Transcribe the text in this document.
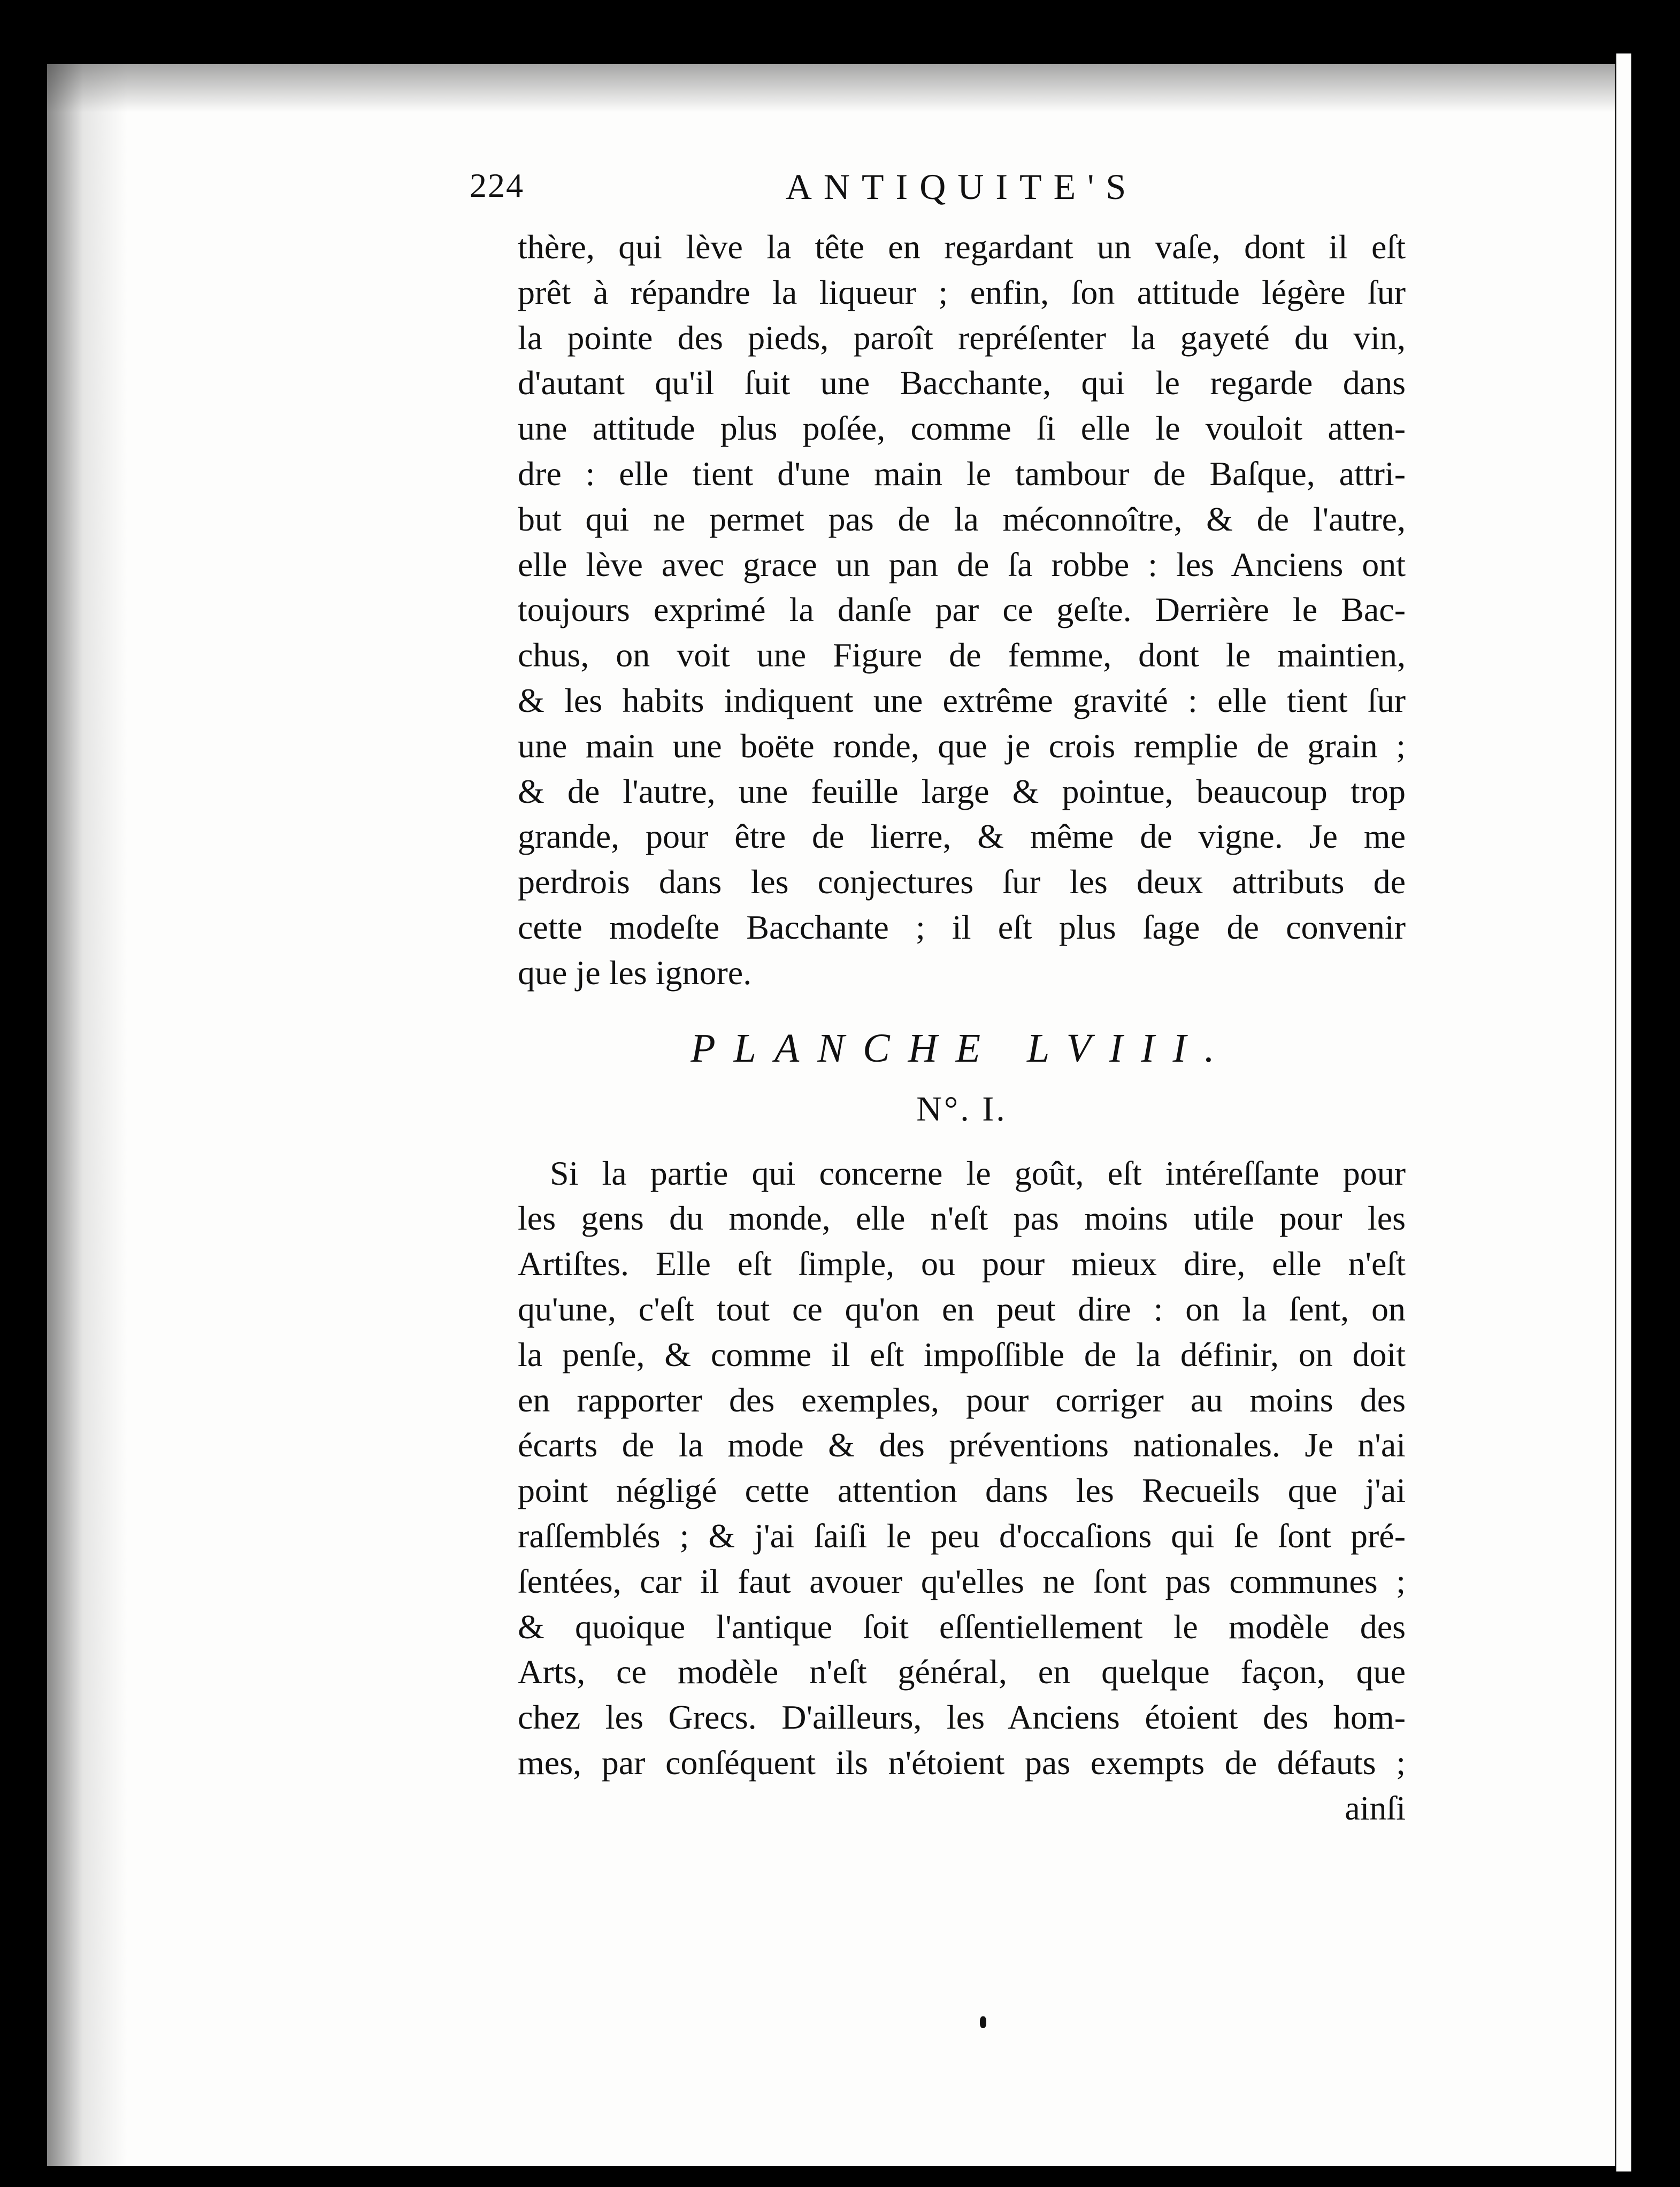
224	ANTIQUITE'S
thère, qui lève la tête en regardant un vaſe, dont il eſt
prêt à répandre la liqueur ; enfin, ſon attitude légère ſur
la pointe des pieds, paroît repréſenter la gayeté du vin,
d'autant qu'il ſuit une Bacchante, qui le regarde dans
une attitude plus poſée, comme ſi elle le vouloit atten-
dre : elle tient d'une main le tambour de Baſque, attri-
but qui ne permet pas de la méconnoître, & de l'autre,
elle lève avec grace un pan de ſa robbe : les Anciens ont
toujours exprimé la danſe par ce geſte. Derrière le Bac-
chus, on voit une Figure de femme, dont le maintien,
& les habits indiquent une extrême gravité : elle tient ſur
une main une boëte ronde, que je crois remplie de grain ;
& de l'autre, une feuille large & pointue, beaucoup trop
grande, pour être de lierre, & même de vigne. Je me
perdrois dans les conjectures ſur les deux attributs de
cette modeſte Bacchante ; il eſt plus ſage de convenir
que je les ignore.
PLANCHE LVIII.
N°. I.
Si la partie qui concerne le goût, eſt intéreſſante pour
les gens du monde, elle n'eſt pas moins utile pour les
Artiſtes. Elle eſt ſimple, ou pour mieux dire, elle n'eſt
qu'une, c'eſt tout ce qu'on en peut dire : on la ſent, on
la penſe, & comme il eſt impoſſible de la définir, on doit
en rapporter des exemples, pour corriger au moins des
écarts de la mode & des préventions nationales. Je n'ai
point négligé cette attention dans les Recueils que j'ai
raſſemblés ; & j'ai ſaiſi le peu d'occaſions qui ſe ſont pré-
ſentées, car il faut avouer qu'elles ne ſont pas communes ;
& quoique l'antique ſoit eſſentiellement le modèle des
Arts, ce modèle n'eſt général, en quelque façon, que
chez les Grecs. D'ailleurs, les Anciens étoient des hom-
mes, par conſéquent ils n'étoient pas exempts de défauts ;
ainſi
